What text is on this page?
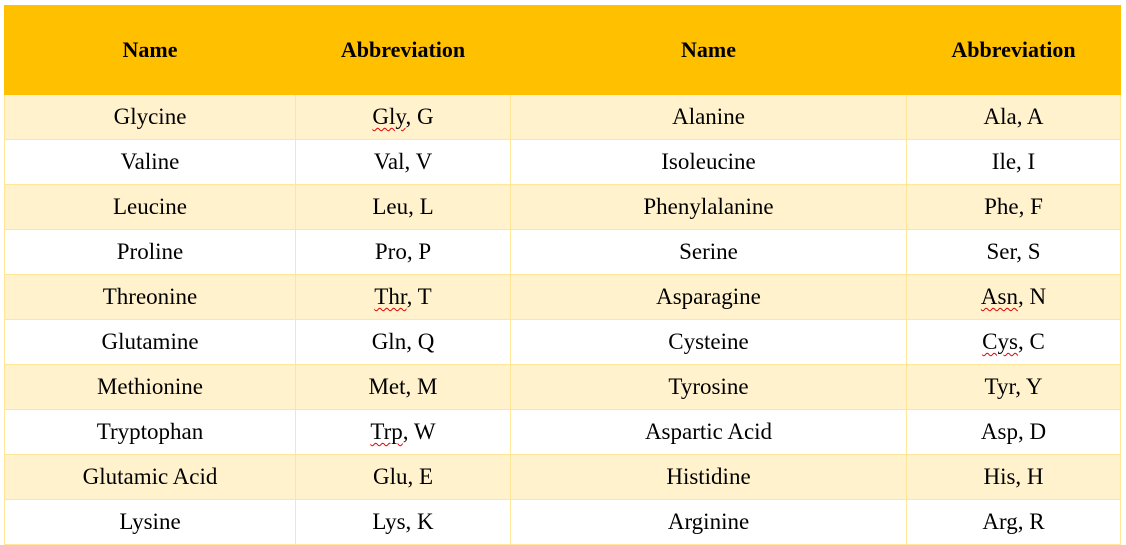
Name	Abbreviation	Name	Abbreviation
Glycine	Gly, G	Alanine	Ala, A
Valine	Val, V	Isoleucine	Ile, I
Leucine	Leu, L	Phenylalanine	Phe, F
Proline	Pro, P	Serine	Ser, S
Threonine	Thr, T	Asparagine	Asn, N
Glutamine	Gln, Q	Cysteine	Cys, C
Methionine	Met, M	Tyrosine	Tyr, Y
Tryptophan	Trp, W	Aspartic Acid	Asp, D
Glutamic Acid	Glu, E	Histidine	His, H
Lysine	Lys, K	Arginine	Arg, R
